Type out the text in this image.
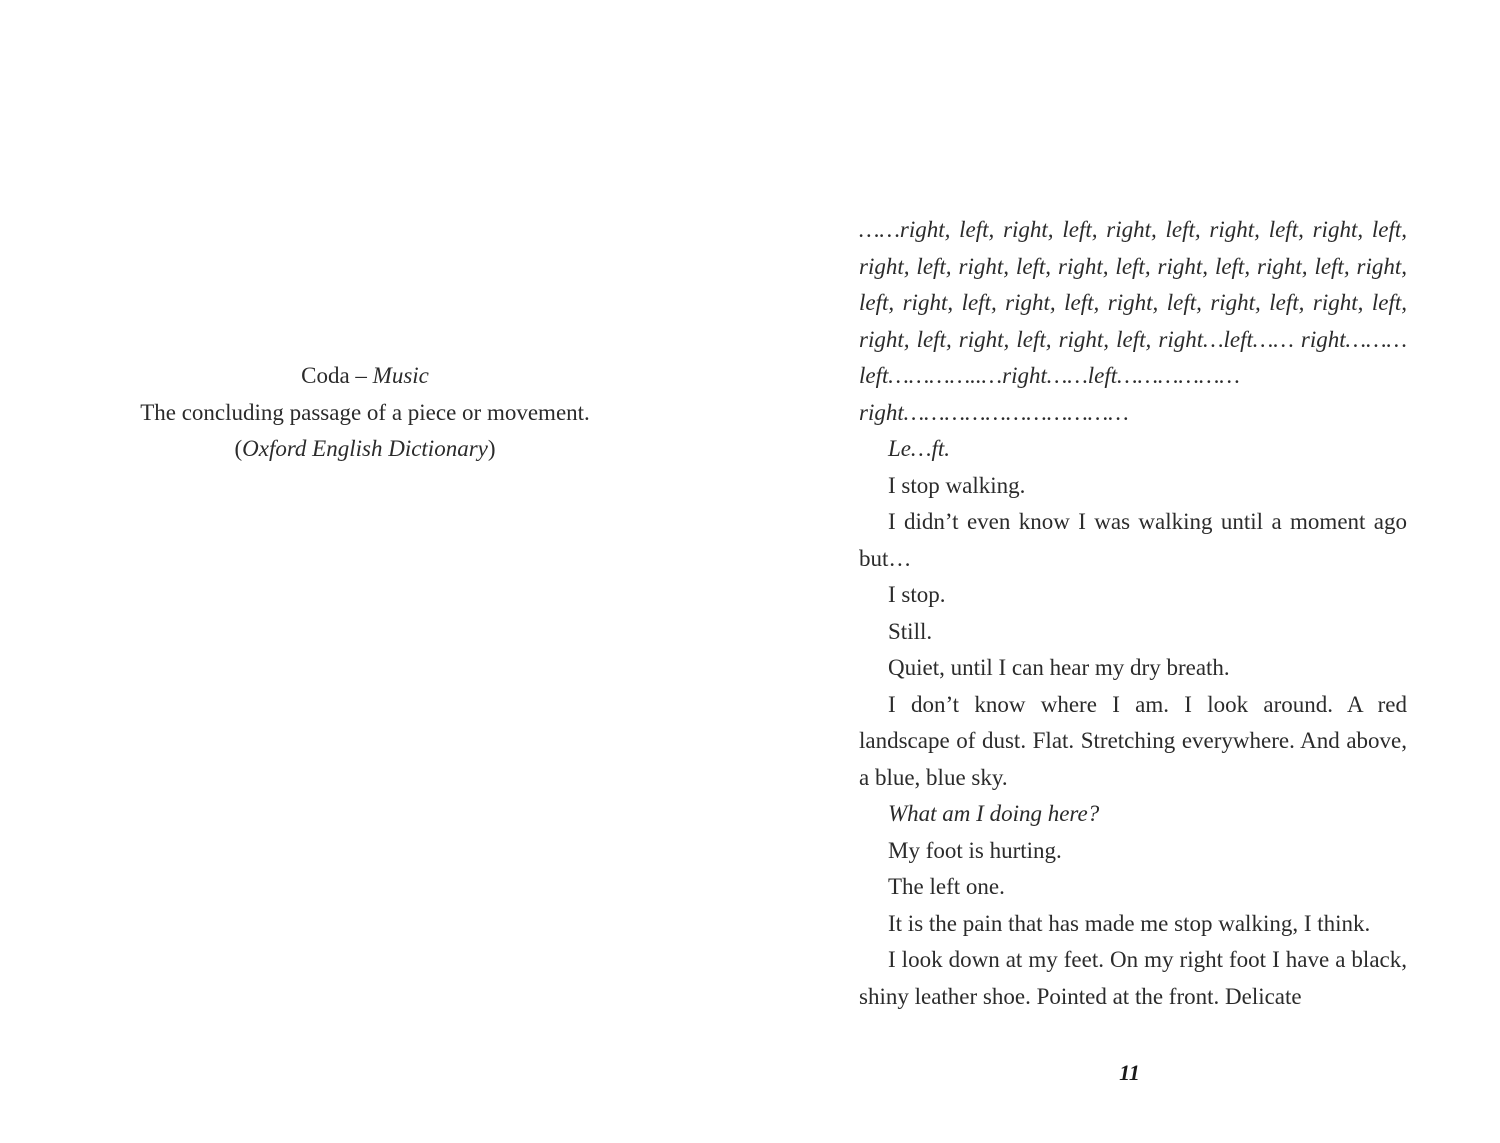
Coda – Music

The concluding passage of a piece or movement.

(Oxford English Dictionary)

……right, left, right, left, right, left, right, left, right, left, right, left, right, left, right, left, right, left, right, left, right, left, right, left, right, left, right, left, right, left, right, left, right, left, right, left, right, left, right…left…… right………left…………..…right……left……………… right……………………………

Le…ft.

I stop walking.

I didn’t even know I was walking until a moment ago but…

I stop.

Still.

Quiet, until I can hear my dry breath.

I don’t know where I am. I look around. A red landscape of dust. Flat. Stretching everywhere. And above, a blue, blue sky.

What am I doing here?

My foot is hurting.

The left one.

It is the pain that has made me stop walking, I think.

I look down at my feet. On my right foot I have a black, shiny leather shoe. Pointed at the front. Delicate

11
